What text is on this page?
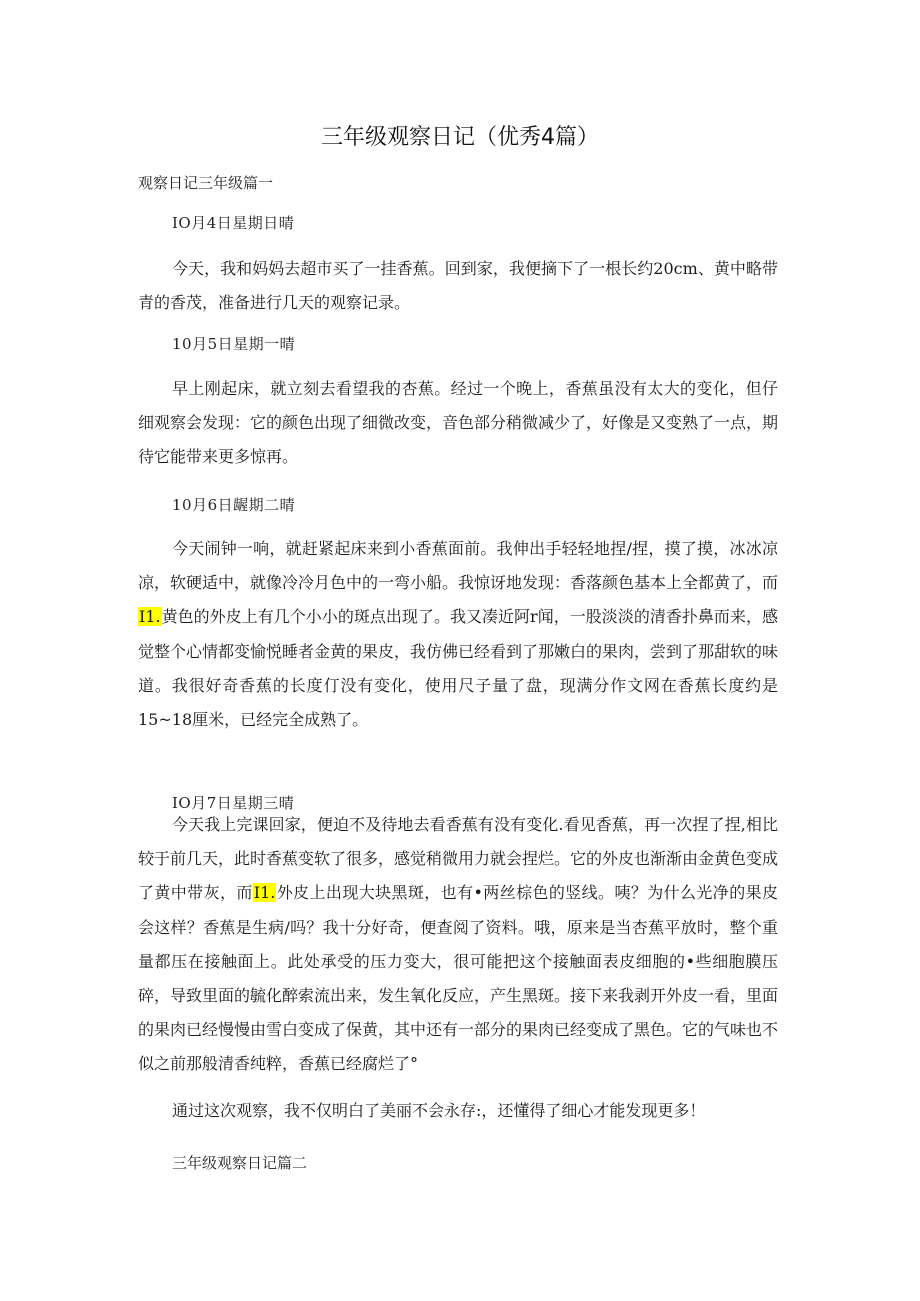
三年级观察日记（优秀4篇）
观察日记三年级篇一
IO月4日星期日晴

今天，我和妈妈去超市买了一挂香蕉。回到家，我便摘下了一根长约20cm、黄中略带青的香茂，准备进行几天的观察记录。

10月5日星期一晴

早上刚起床，就立刻去看望我的杏蕉。经过一个晚上，香蕉虽没有太大的变化，但仔细观察会发现：它的颜色出现了细微改变，音色部分稍微减少了，好像是又变熟了一点，期待它能带来更多惊再。

10月6日龌期二晴

今天闹钟一响，就赶紧起床来到小香蕉面前。我伸出手轻轻地捏/捏，摸了摸，冰冰凉凉，软硬适中，就像冷冷月色中的一弯小船。我惊讶地发现：香落颜色基本上全都黄了，而I1.黄色的外皮上有几个小小的斑点出现了。我又凑近阿r闻，一股淡淡的清香扑鼻而来，感觉整个心情都变愉悦睡者金黄的果皮，我仿佛已经看到了那嫩白的果肉，尝到了那甜软的味道。我很好奇香蕉的长度仃没有变化，使用尺子量了盘，现满分作文网在香蕉长度约是15~18厘米，已经完全成熟了。

IO月7日星期三晴

今天我上完课回家，便迫不及待地去看香蕉有没有变化.看见香蕉，再一次捏了捏,相比较于前几天，此时香蕉变软了很多，感觉稍微用力就会捏烂。它的外皮也渐渐由金黄色变成了黄中带灰，而I1.外皮上出现大块黑斑，也有•两丝棕色的竖线。咦？为什么光净的果皮会这样？香蕉是生病/吗？我十分好奇，便查阅了资料。哦，原来是当杏蕉平放时，整个重量都压在接触面上。此处承受的压力变大，很可能把这个接触面表皮细胞的•些细胞膜压碎，导致里面的毓化醉索流出来，发生氧化反应，产生黑斑。接下来我剥开外皮一看，里面的果肉已经慢慢由雪白变成了保黄，其中还有一部分的果肉已经变成了黑色。它的气味也不似之前那般清香纯粹，香蕉已经腐烂了°

通过这次观察，我不仅明白了美丽不会永存:，还懂得了细心才能发现更多！

三年级观察日记篇二
